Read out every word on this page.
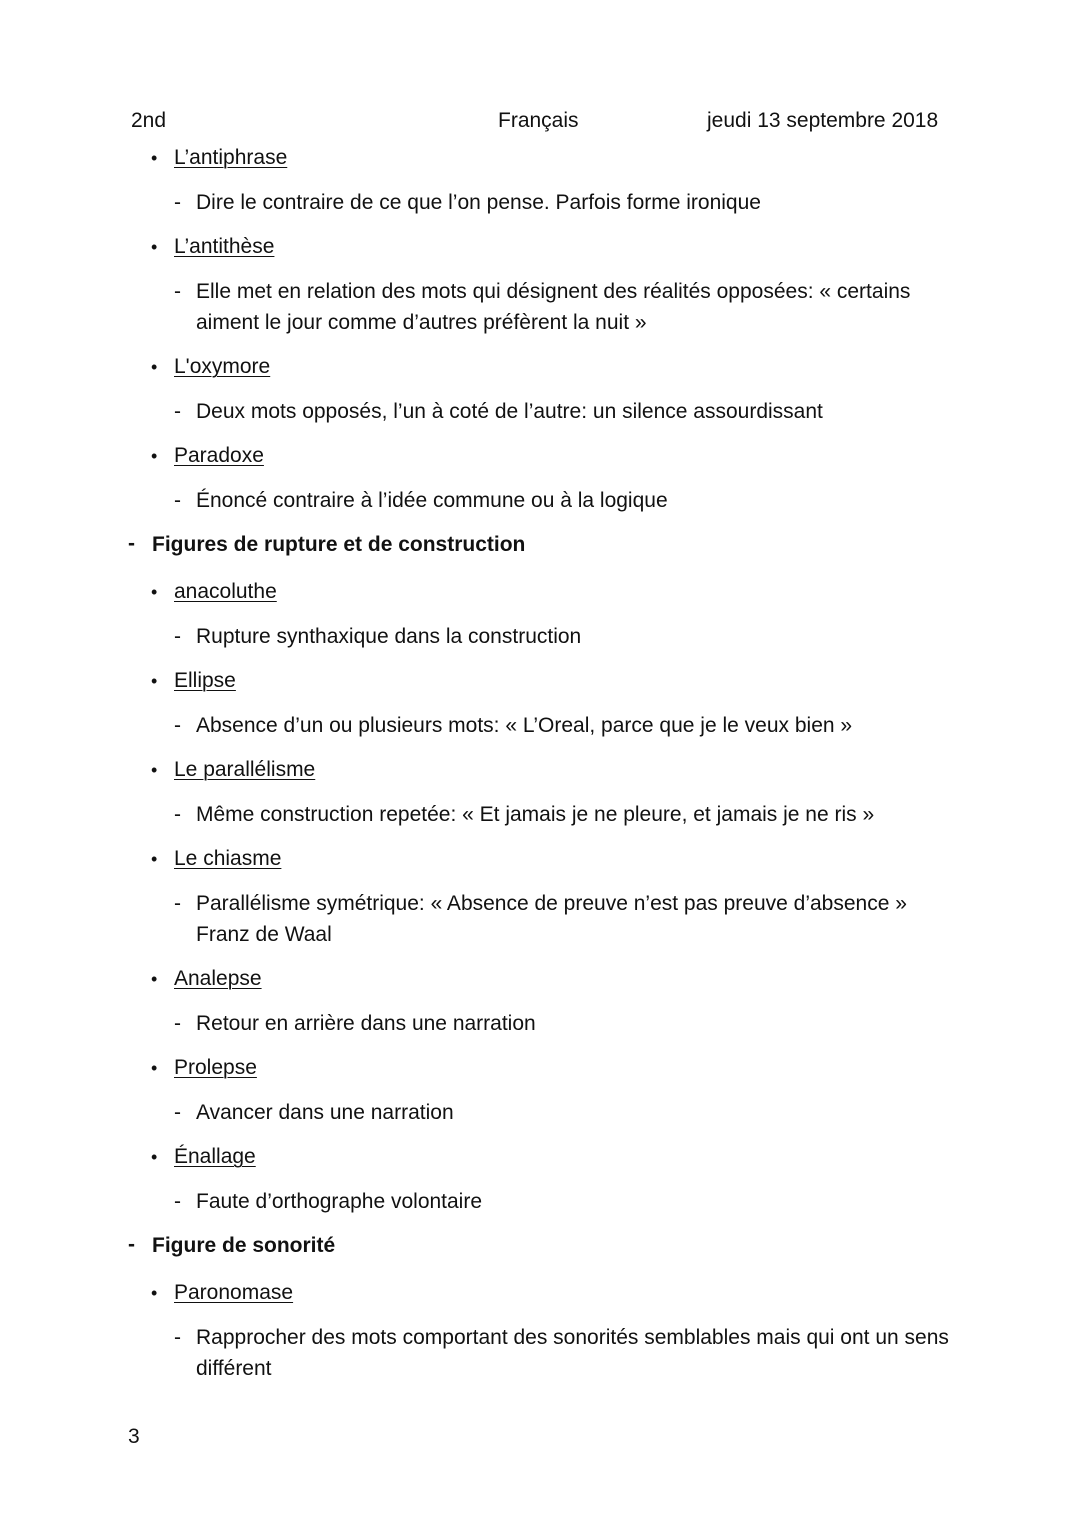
2nd	Français	jeudi 13 septembre 2018
• L’antiphrase
- Dire le contraire de ce que l’on pense. Parfois forme ironique
• L’antithèse
- Elle met en relation des mots qui désignent des réalités opposées: « certains aiment le jour comme d’autres préfèrent la nuit »
• L'oxymore
- Deux mots opposés, l’un à coté de l’autre: un silence assourdissant
• Paradoxe
- Énoncé contraire à l’idée commune ou à la logique
- Figures de rupture et de construction
• anacoluthe
- Rupture synthaxique dans la construction
• Ellipse
- Absence d’un ou plusieurs mots: « L’Oreal, parce que je le veux bien »
• Le parallélisme
- Même construction repetée: « Et jamais je ne pleure, et jamais je ne ris »
• Le chiasme
- Parallélisme symétrique: « Absence de preuve n’est pas preuve d’absence » Franz de Waal
• Analepse
- Retour en arrière dans une narration
• Prolepse
- Avancer dans une narration
• Énallage
- Faute d’orthographe volontaire
- Figure de sonorité
• Paronomase
- Rapprocher des mots comportant des sonorités semblables mais qui ont un sens différent
3
